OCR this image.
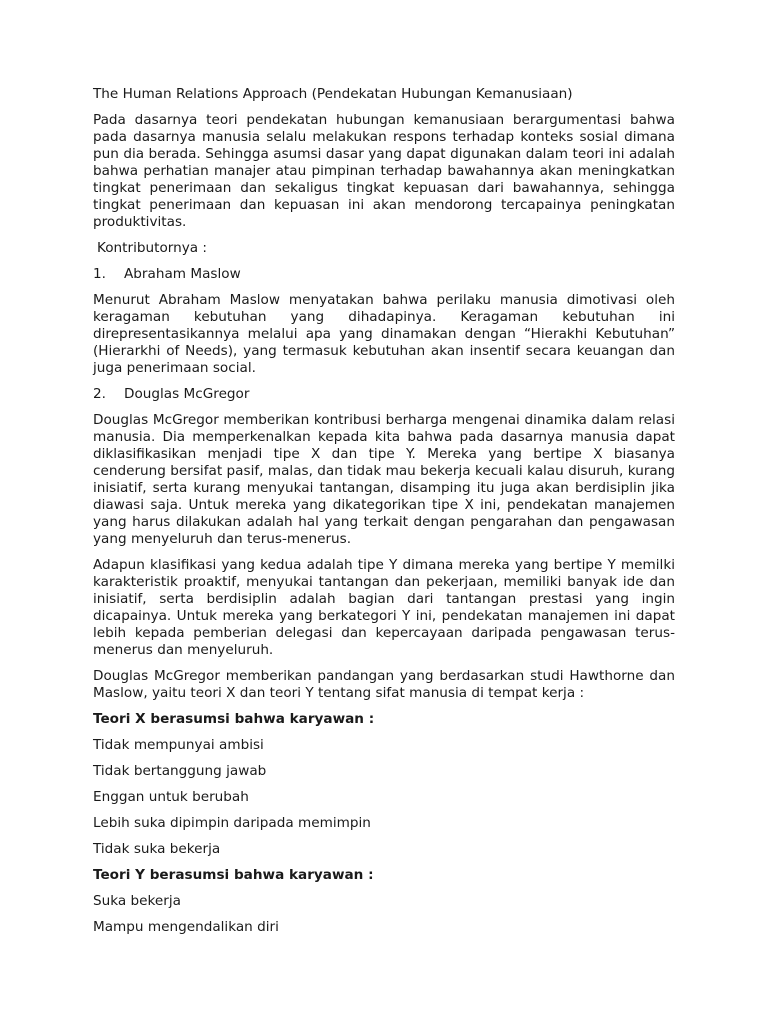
The Human Relations Approach (Pendekatan Hubungan Kemanusiaan)

Pada dasarnya teori pendekatan hubungan kemanusiaan berargumentasi bahwa pada dasarnya manusia selalu melakukan respons terhadap konteks sosial dimana pun dia berada. Sehingga asumsi dasar yang dapat digunakan dalam teori ini adalah bahwa perhatian manajer atau pimpinan terhadap bawahannya akan meningkatkan tingkat penerimaan dan sekaligus tingkat kepuasan dari bawahannya, sehingga tingkat penerimaan dan kepuasan ini akan mendorong tercapainya peningkatan produktivitas.

Kontributornya :

1.	Abraham Maslow

Menurut Abraham Maslow menyatakan bahwa perilaku manusia dimotivasi oleh keragaman kebutuhan yang dihadapinya. Keragaman kebutuhan ini direpresentasikannya melalui apa yang dinamakan dengan “Hierakhi Kebutuhan” (Hierarkhi of Needs), yang termasuk kebutuhan akan insentif secara keuangan dan juga penerimaan social.

2.	Douglas McGregor

Douglas McGregor memberikan kontribusi berharga mengenai dinamika dalam relasi manusia. Dia memperkenalkan kepada kita bahwa pada dasarnya manusia dapat diklasifikasikan menjadi tipe X dan tipe Y. Mereka yang bertipe X biasanya cenderung bersifat pasif, malas, dan tidak mau bekerja kecuali kalau disuruh, kurang inisiatif, serta kurang menyukai tantangan, disamping itu juga akan berdisiplin jika diawasi saja. Untuk mereka yang dikategorikan tipe X ini, pendekatan manajemen yang harus dilakukan adalah hal yang terkait dengan pengarahan dan pengawasan yang menyeluruh dan terus-menerus.

Adapun klasifikasi yang kedua adalah tipe Y dimana mereka yang bertipe Y memilki karakteristik proaktif, menyukai tantangan dan pekerjaan, memiliki banyak ide dan inisiatif, serta berdisiplin adalah bagian dari tantangan prestasi yang ingin dicapainya. Untuk mereka yang berkategori Y ini, pendekatan manajemen ini dapat lebih kepada pemberian delegasi dan kepercayaan daripada pengawasan terus-menerus dan menyeluruh.

Douglas McGregor memberikan pandangan yang berdasarkan studi Hawthorne dan Maslow, yaitu teori X dan teori Y tentang sifat manusia di tempat kerja :

Teori X berasumsi bahwa karyawan :

Tidak mempunyai ambisi

Tidak bertanggung jawab

Enggan untuk berubah

Lebih suka dipimpin daripada memimpin

Tidak suka bekerja

Teori Y berasumsi bahwa karyawan :

Suka bekerja

Mampu mengendalikan diri
